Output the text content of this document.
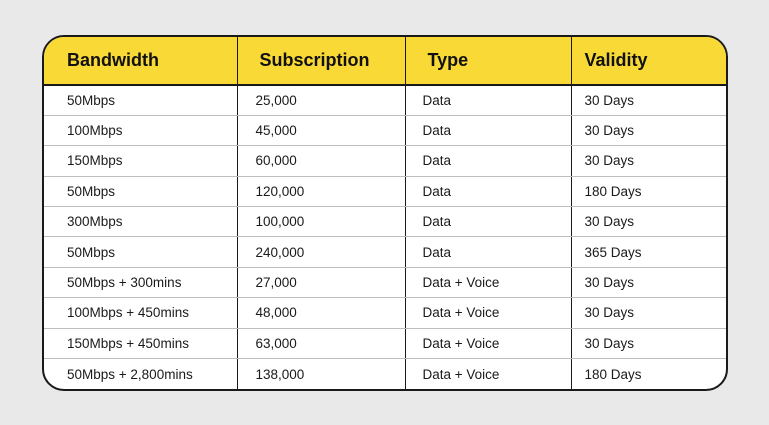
Bandwidth	Subscription	Type	Validity
50Mbps	25,000	Data	30 Days
100Mbps	45,000	Data	30 Days
150Mbps	60,000	Data	30 Days
50Mbps	120,000	Data	180 Days
300Mbps	100,000	Data	30 Days
50Mbps	240,000	Data	365 Days
50Mbps + 300mins	27,000	Data + Voice	30 Days
100Mbps + 450mins	48,000	Data + Voice	30 Days
150Mbps + 450mins	63,000	Data + Voice	30 Days
50Mbps + 2,800mins	138,000	Data + Voice	180 Days
